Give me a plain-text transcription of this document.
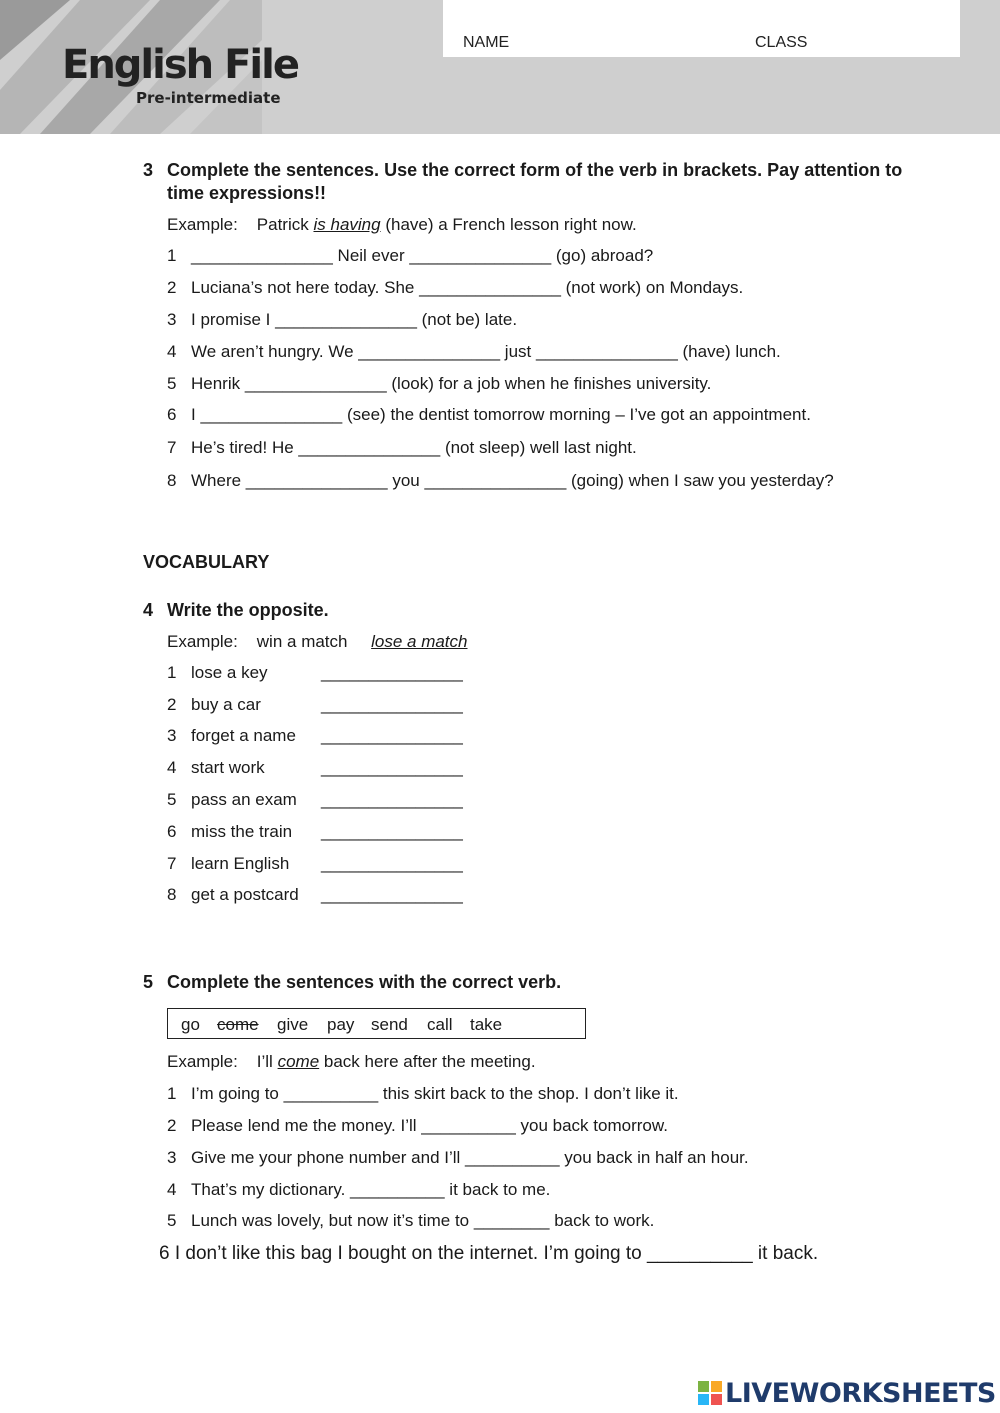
English File
Pre-intermediate
NAME	CLASS
3 Complete the sentences. Use the correct form of the verb in brackets. Pay attention to time expressions!!
Example: Patrick is having (have) a French lesson right now.
1 _______________ Neil ever _______________ (go) abroad?
2 Luciana’s not here today. She _______________ (not work) on Mondays.
3 I promise I _______________ (not be) late.
4 We aren’t hungry. We _______________ just _______________ (have) lunch.
5 Henrik _______________ (look) for a job when he finishes university.
6 I _______________ (see) the dentist tomorrow morning – I’ve got an appointment.
7 He’s tired! He _______________ (not sleep) well last night.
8 Where _______________ you _______________ (going) when I saw you yesterday?
VOCABULARY
4 Write the opposite.
Example: win a match lose a match
1 lose a key	_______________
2 buy a car	_______________
3 forget a name _______________
4 start work	_______________
5 pass an exam _______________
6 miss the train _______________
7 learn English _______________
8 get a postcard _______________
5 Complete the sentences with the correct verb.
go come give pay send call take
Example: I’ll come back here after the meeting.
1 I’m going to __________ this skirt back to the shop. I don’t like it.
2 Please lend me the money. I’ll __________ you back tomorrow.
3 Give me your phone number and I’ll __________ you back in half an hour.
4 That’s my dictionary. __________ it back to me.
5 Lunch was lovely, but now it’s time to ________ back to work.
6 I don’t like this bag I bought on the internet. I’m going to __________ it back.
LIVEWORKSHEETS
